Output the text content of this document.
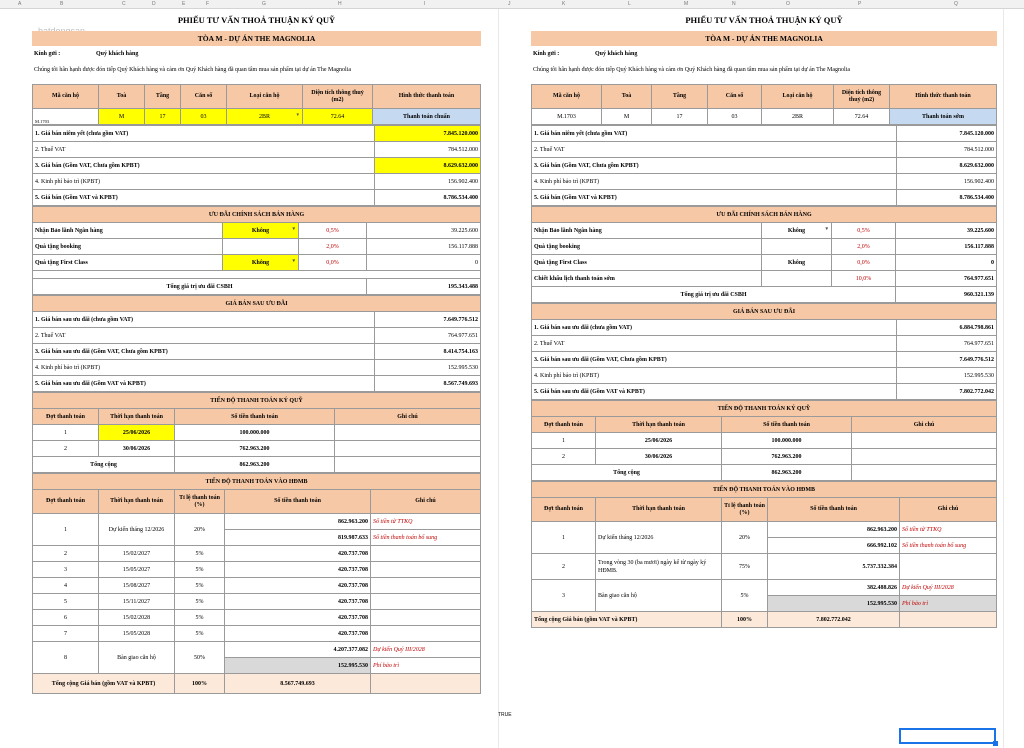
A	B	C	D	E	F	G	H	I	J	K	L	M	N	O	P	Q
PHIẾU TƯ VẤN THOẢ THUẬN KÝ QUỸ
TÒA M - DỰ ÁN THE MAGNOLIA
Kính gửi :	Quý khách hàng
Chúng tôi hân hạnh được đón tiếp Quý Khách hàng và cảm ơn Quý Khách hàng đã quan tâm mua sản phẩm tại dự án The Magnolia
Mã căn hộ	Toà	Tầng	Căn số	Loại căn hộ	Diện tích thông thuỷ (m2)	Hình thức thanh toán
M.1703	M	17	03	2BR ▾	72.64	Thanh toán chuẩn
1. Giá bán niêm yết (chưa gồm VAT)	7.845.120.000
2. Thuế VAT	784.512.000
3. Giá bán (Gồm VAT, Chưa gồm KPBT)	8.629.632.000
4. Kinh phí bảo trì (KPBT)	156.902.400
5. Giá bán (Gồm VAT và KPBT)	8.786.534.400
ƯU ĐÃI CHÍNH SÁCH BÁN HÀNG			
Nhận Bảo lãnh Ngân hàng	Không ▾	0,5%	39.225.600
Quà tặng booking		2,0%	156.117.888
Quà tặng First Class	Không ▾	0,0%	0

Tổng giá trị ưu đãi CSBH			195.343.488
GIÁ BÁN SAU ƯU ĐÃI	
1. Giá bán sau ưu đãi (chưa gồm VAT)	7.649.776.512
2. Thuế VAT	764.977.651
3. Giá bán sau ưu đãi (Gồm VAT, Chưa gồm KPBT)	8.414.754.163
4. Kinh phí bảo trì (KPBT)	152.995.530
5. Giá bán sau ưu đãi (Gồm VAT và KPBT)	8.567.749.693
TIẾN ĐỘ THANH TOÁN KÝ QUỸ			
Đợt thanh toán	Thời hạn thanh toán	Số tiền thanh toán	Ghi chú
1	25/06/2026	100.000.000	
2	30/06/2026	762.963.200	
Tổng cộng		862.963.200	
TIẾN ĐỘ THANH TOÁN VÀO HĐMB				
Đợt thanh toán	Thời hạn thanh toán	Tỉ lệ thanh toán (%)	Số tiền thanh toán	Ghi chú
1	Dự kiến tháng 12/2026	20%	862.963.200	Số tiền từ TTKQ
			819.987.633	Số tiền thanh toán bổ sung
2	15/02/2027	5%	420.737.708	
3	15/05/2027	5%	420.737.708	
4	15/08/2027	5%	420.737.708	
5	15/11/2027	5%	420.737.708	
6	15/02/2028	5%	420.737.708	
7	15/05/2028	5%	420.737.708	
8	Bàn giao căn hộ	50%	4.207.377.082	Dự kiến Quý III/2028
			152.995.530	Phí bảo trì
Tổng cộng Giá bán (gồm VAT và KPBT)		100%	8.567.749.693	
PHIẾU TƯ VẤN THOẢ THUẬN KÝ QUỸ
TÒA M - DỰ ÁN THE MAGNOLIA
Kính gửi :	Quý khách hàng
Chúng tôi hân hạnh được đón tiếp Quý Khách hàng và cảm ơn Quý Khách hàng đã quan tâm mua sản phẩm tại dự án The Magnolia
Mã căn hộ	Toà	Tầng	Căn số	Loại căn hộ	Diện tích thông thuỷ (m2)	Hình thức thanh toán
M.1703	M	17	03	2BR	72.64	Thanh toán sớm
1. Giá bán niêm yết (chưa gồm VAT)	7.845.120.000
2. Thuế VAT	784.512.000
3. Giá bán (Gồm VAT, Chưa gồm KPBT)	8.629.632.000
4. Kinh phí bảo trì (KPBT)	156.902.400
5. Giá bán (Gồm VAT và KPBT)	8.786.534.400
ƯU ĐÃI CHÍNH SÁCH BÁN HÀNG			
Nhận Bảo lãnh Ngân hàng	Không ▾	0,5%	39.225.600
Quà tặng booking		2,0%	156.117.888
Quà tặng First Class	Không	0,0%	0
Chiết khấu lịch thanh toán sớm		10,0%	764.977.651
Tổng giá trị ưu đãi CSBH			960.321.139
GIÁ BÁN SAU ƯU ĐÃI	
1. Giá bán sau ưu đãi (chưa gồm VAT)	6.884.798.861
2. Thuế VAT	764.977.651
3. Giá bán sau ưu đãi (Gồm VAT, Chưa gồm KPBT)	7.649.776.512
4. Kinh phí bảo trì (KPBT)	152.995.530
5. Giá bán sau ưu đãi (Gồm VAT và KPBT)	7.802.772.042
TIẾN ĐỘ THANH TOÁN KÝ QUỸ			
Đợt thanh toán	Thời hạn thanh toán	Số tiền thanh toán	Ghi chú
1	25/06/2026	100.000.000	
2	30/06/2026	762.963.200	
Tổng cộng		862.963.200	
TIẾN ĐỘ THANH TOÁN VÀO HĐMB				
Đợt thanh toán	Thời hạn thanh toán	Tỉ lệ thanh toán (%)	Số tiền thanh toán	Ghi chú
1	Dự kiến tháng 12/2026	20%	862.963.200	Số tiền từ TTKQ
			666.992.102	Số tiền thanh toán bổ sung
2	Trong vòng 30 (ba mươi) ngày kể từ ngày ký HĐMB.	75%	5.737.332.384	
3	Bàn giao căn hộ	5%	382.488.826	Dự kiến Quý III/2028
			152.995.530	Phí bảo trì
Tổng cộng Giá bán (gồm VAT và KPBT)		100%	7.802.772.042	
TRUE
